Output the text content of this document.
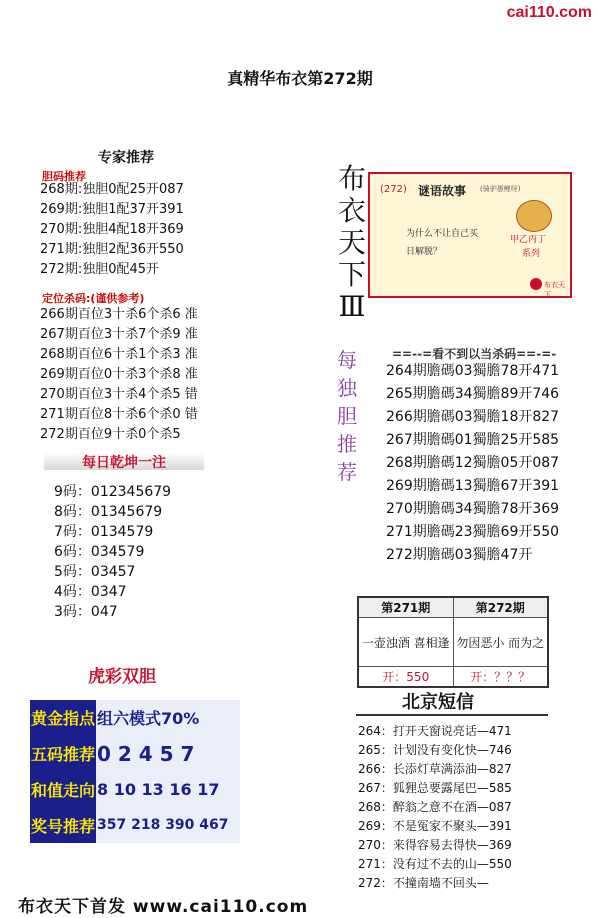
cai110.com
真精华布衣第272期
专家推荐
胆码推荐
268期:独胆0配25开087
269期:独胆1配37开391
270期:独胆4配18开369
271期:独胆2配36开550
272期:独胆0配45开
定位杀码:(谨供参考)
266期百位3十杀6个杀6 准
267期百位3十杀7个杀9 准
268期百位6十杀1个杀3 准
269期百位0十杀3个杀8 准
270期百位3十杀4个杀5 错
271期百位8十杀6个杀0 错
272期百位9十杀0个杀5
每日乾坤一注
9码：012345679
8码：01345679
7码：0134579
6码：034579
5码：03457
4码：0347
3码：047
虎彩双胆
黄金指点	组六模式70%
五码推荐	0 2 4 5 7
和值走向	8 10 13 16 17
奖号推荐	357 218 390 467
布
衣
天
下
Ⅲ
(272) 谜语故事 (骑驴愚鲤呀)
为什么不让自己买
日解脱？
甲乙丙丁
系列
布衣天下
每
独
胆
推
荐
==--=看不到以当杀码==-=-
264期膽碼03獨膽78开471
265期膽碼34獨膽89开746
266期膽碼03獨膽18开827
267期膽碼01獨膽25开585
268期膽碼12獨膽05开087
269期膽碼13獨膽67开391
270期膽碼34獨膽78开369
271期膽碼23獨膽69开550
272期膽碼03獨膽47开
第271期	第272期
一壶浊酒 喜相逢	勿因恶小 而为之
开：550	开：？？？
北京短信
264：打开天窗说亮话—471
265：计划没有变化快—746
266：长添灯草满添油—827
267：狐狸总要露尾巴—585
268：醉翁之意不在酒—087
269：不是冤家不聚头—391
270：来得容易去得快—369
271：没有过不去的山—550
272：不撞南墙不回头—
布衣天下首发 www.cai110.com
